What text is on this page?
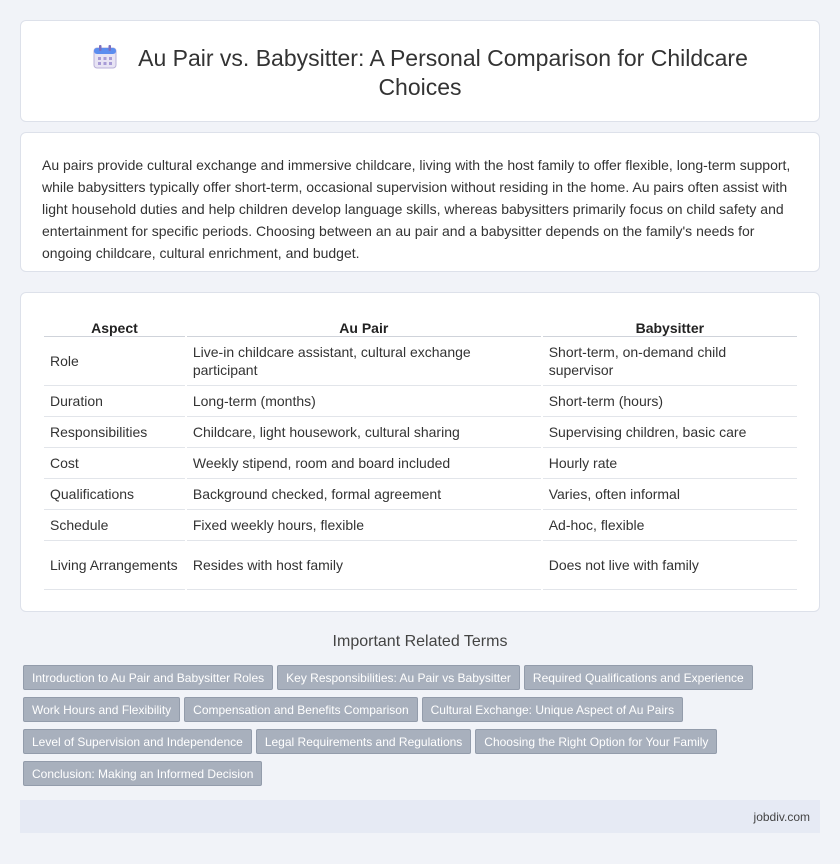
Au Pair vs. Babysitter: A Personal Comparison for Childcare Choices

Au pairs provide cultural exchange and immersive childcare, living with the host family to offer flexible, long-term support, while babysitters typically offer short-term, occasional supervision without residing in the home. Au pairs often assist with light household duties and help children develop language skills, whereas babysitters primarily focus on child safety and entertainment for specific periods. Choosing between an au pair and a babysitter depends on the family's needs for ongoing childcare, cultural enrichment, and budget.

Aspect	Au Pair	Babysitter
Role	Live-in childcare assistant, cultural exchange participant	Short-term, on-demand child supervisor
Duration	Long-term (months)	Short-term (hours)
Responsibilities	Childcare, light housework, cultural sharing	Supervising children, basic care
Cost	Weekly stipend, room and board included	Hourly rate
Qualifications	Background checked, formal agreement	Varies, often informal
Schedule	Fixed weekly hours, flexible	Ad-hoc, flexible
Living Arrangements	Resides with host family	Does not live with family
Important Related Terms
Introduction to Au Pair and Babysitter Roles Key Responsibilities: Au Pair vs Babysitter Required Qualifications and Experience
Work Hours and Flexibility Compensation and Benefits Comparison Cultural Exchange: Unique Aspect of Au Pairs
Level of Supervision and Independence Legal Requirements and Regulations Choosing the Right Option for Your Family
Conclusion: Making an Informed Decision
jobdiv.com
